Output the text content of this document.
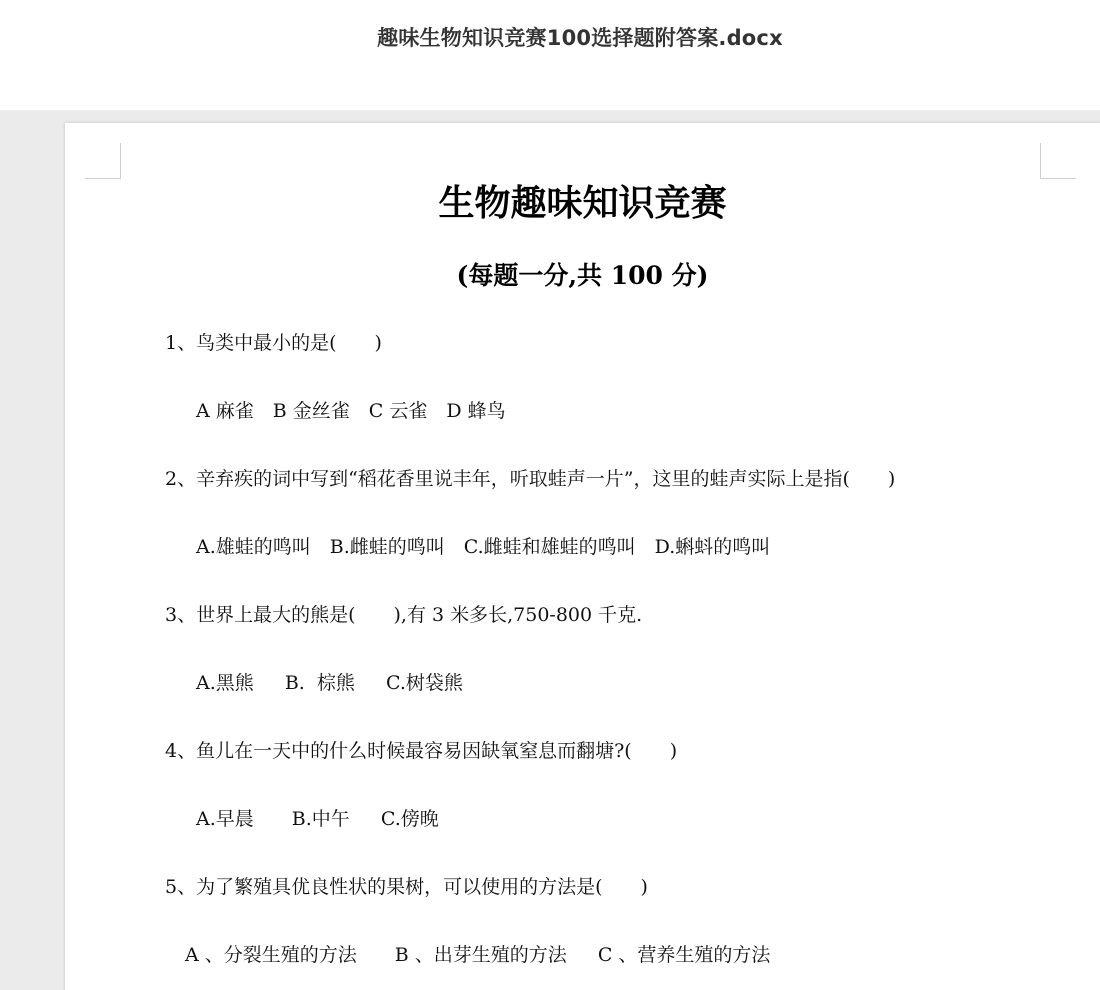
趣味生物知识竞赛100选择题附答案.docx
生物趣味知识竞赛
(每题一分,共 100 分)
1、鸟类中最小的是(　　)
A 麻雀　B 金丝雀　C 云雀　D 蜂鸟
2、辛弃疾的词中写到“稻花香里说丰年，听取蛙声一片”，这里的蛙声实际上是指(　　)
A.雄蛙的鸣叫　B.雌蛙的鸣叫　C.雌蛙和雄蛙的鸣叫　D.蝌蚪的鸣叫
3、世界上最大的熊是(　　),有 3 米多长,750-800 千克.
A.黑熊　  B.  棕熊　  C.树袋熊
4、鱼儿在一天中的什么时候最容易因缺氧窒息而翻塘?(　　)
A.早晨　　B.中午　  C.傍晚
5、为了繁殖具优良性状的果树，可以使用的方法是(　　)
A 、分裂生殖的方法　　B 、出芽生殖的方法　  C 、营养生殖的方法
